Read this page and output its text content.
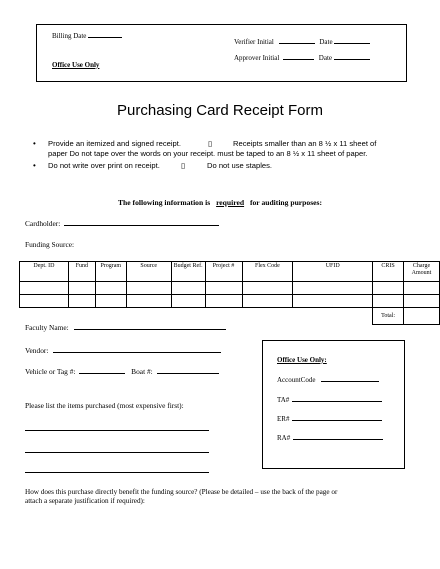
Billing Date
Verifier Initial	Date
Approver Initial	Date
Office Use Only
Purchasing Card Receipt Form
• Provide an itemized and signed receipt.	▯	Receipts smaller than an 8 ½ x 11 sheet of
paper Do not tape over the words on your receipt. must be taped to an 8 ½ x 11 sheet of paper.
• Do not write over print on receipt.	▯	Do not use staples.
The following information is required for auditing purposes:
Cardholder:
Funding Source:
Dept. ID	Fund	Program	Source	Budget Ref.	Project #	Flex Code	UFID	CRIS	Charge Amount

								Total:	
Faculty Name:
Vendor:
Vehicle or Tag #:	Boat #:
Please list the items purchased (most expensive first):
Office Use Only:
AccountCode
TA#
ER#
RA#
How does this purchase directly benefit the funding source? (Please be detailed – use the back of the page or
attach a separate justification if required):
